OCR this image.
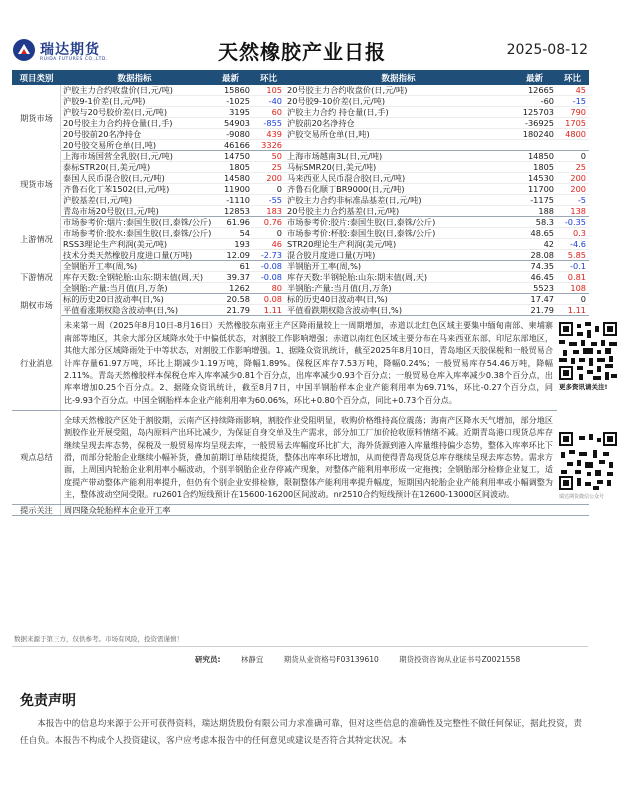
瑞达期货
RUIDA FUTURES CO.,LTD.	天然橡胶产业日报	2025-08-12
项目类别	数据指标	最新	环比	数据指标	最新	环比
期货市场	沪胶主力合约收盘价(日,元/吨)	15860	105	20号胶主力合约收盘价(日,元/吨)	12665	45
	沪胶9-1价差(日,元/吨)	-1025	-40	20号胶9-10价差(日,元/吨)	-60	-15
	沪胶与20号胶价差(日,元/吨)	3195	60	沪胶主力合约 持仓量(日,手)	125703	790
	20号胶主力合约持仓量(日,手)	54903	-855	沪胶前20名净持仓	-36925	1705
	20号胶前20名净持仓	-9080	439	沪胶交易所仓单(日,吨)	180240	4800
	20号胶交易所仓单(日,吨)	46166	3326			
现货市场	上海市场国营全乳胶(日,元/吨)	14750	50	上海市场越南3L(日,元/吨)	14850	0
	泰标STR20(日,美元/吨)	1805	25	马标SMR20(日,美元/吨)	1805	25
	泰国人民币混合胶(日,元/吨)	14580	200	马来西亚人民币混合胶(日,元/吨)	14530	200
	齐鲁石化丁苯1502(日,元/吨)	11900	0	齐鲁石化顺丁BR9000(日,元/吨)	11700	200
	沪胶基差(日,元/吨)	-1110	-55	沪胶主力合约非标准品基差(日,元/吨)	-1175	-5
	青岛市场20号胶(日,元/吨)	12853	183	20号胶主力合约基差(日,元/吨)	188	138
上游情况	市场参考价:烟片:泰国生胶(日,泰铢/公斤)	61.96	0.76	市场参考价:胶片:泰国生胶(日,泰铢/公斤)	58.3	-0.35
	市场参考价:胶水:泰国生胶(日,泰铢/公斤)	54	0	市场参考价:杯胶:泰国生胶(日,泰铢/公斤)	48.65	0.3
	RSS3理论生产利润(美元/吨)	193	46	STR20理论生产利润(美元/吨)	42	-4.6
	技术分类天然橡胶月度进口量(万吨)	12.09	-2.73	混合胶月度进口量(万吨)	28.08	5.85
下游情况	全钢胎开工率(周,%)	61	-0.08	半钢胎开工率(周,%)	74.35	-0.1
	库存天数:全钢轮胎:山东:期末值(周,天)	39.37	-0.08	库存天数:半钢轮胎:山东:期末值(周,天)	46.45	0.81
	全钢胎:产量:当月值(月,万条)	1262	80	半钢胎:产量:当月值(月,万条)	5523	108
期权市场	标的历史20日波动率(日,%)	20.58	0.08	标的历史40日波动率(日,%)	17.47	0
	平值看涨期权隐含波动率(日,%)	21.79	1.11	平值看跌期权隐含波动率(日,%)	21.79	1.11
行业消息	未来第一周（2025年8月10日-8月16日）天然橡胶东南亚主产区降雨量较上一周期增加，赤道以北红色区域主要集中缅甸南部、柬埔寨南部等地区，其余大部分区域降水处于中偏低状态，对割胶工作影响增强；赤道以南红色区域主要分布在马来西亚东部、印尼东部地区，其他大部分区域降雨处于中等状态，对割胶工作影响增强。1、据隆众资讯统计，截至2025年8月10日，青岛地区天胶保税和一般贸易合计库存量61.97万吨，环比上期减少1.19万吨，降幅1.89%。保税区库存7.53万吨，降幅0.24%；一般贸易库存54.46万吨，降幅2.11%。青岛天然橡胶样本保税仓库入库率减少0.81个百分点，出库率减少0.93个百分点；一般贸易仓库入库率减少0.38个百分点，出库率增加0.25个百分点。2、据隆众资讯统计，截至8月7日，中国半钢胎样本企业产能利用率为69.71%，环比-0.27个百分点，同比-9.93个百分点。中国全钢胎样本企业产能利用率为60.06%，环比+0.80个百分点，同比+0.73个百分点。					更多资讯请关注!
瑞达期货微信公众号

观点总结	全球天然橡胶产区处于割胶期，云南产区持续降雨影响，割胶作业受阻明显，收购价格维持高位震荡；海南产区降水天气增加，部分地区割胶作业开展受阻，岛内原料产出环比减少，为保证自身交单及生产需求，部分加工厂加价抢收原料情绪不减。近期青岛港口现货总库存继续呈现去库态势，保税及一般贸易库均呈现去库，一般贸易去库幅度环比扩大，海外货源到港入库量维持偏少态势，整体入库率环比下滑，而部分轮胎企业继续小幅补货，叠加前期订单陆续提货，整体出库率环比增加，从而使得青岛现货总库存继续呈现去库态势。需求方面，上周国内轮胎企业利用率小幅波动，个别半钢胎企业存停减产现象，对整体产能利用率形成一定拖拽；全钢胎部分检修企业复工，适度提产带动整体产能利用率提升，但仍有个别企业安排检修，限制整体产能利用率提升幅度，短期国内轮胎企业产能利用率或小幅调整为主，整体波动空间受限。ru2601合约短线预计在15600-16200区间波动。nr2510合约短线预计在12600-13000区间波动。					
提示关注	周四隆众轮胎样本企业开工率					
数据来源于第三方，仅供参考。市场有风险，投资需谨慎！
研究员:	林静宜	期货从业资格号F03139610	期货投资咨询从业证书号Z0021558
免责声明
本报告中的信息均来源于公开可获得资料，瑞达期货股份有限公司力求准确可靠，但对这些信息的准确性及完整性不做任何保证，据此投资，责任自负。本报告不构成个人投资建议，客户应考虑本报告中的任何意见或建议是否符合其特定状况。本
